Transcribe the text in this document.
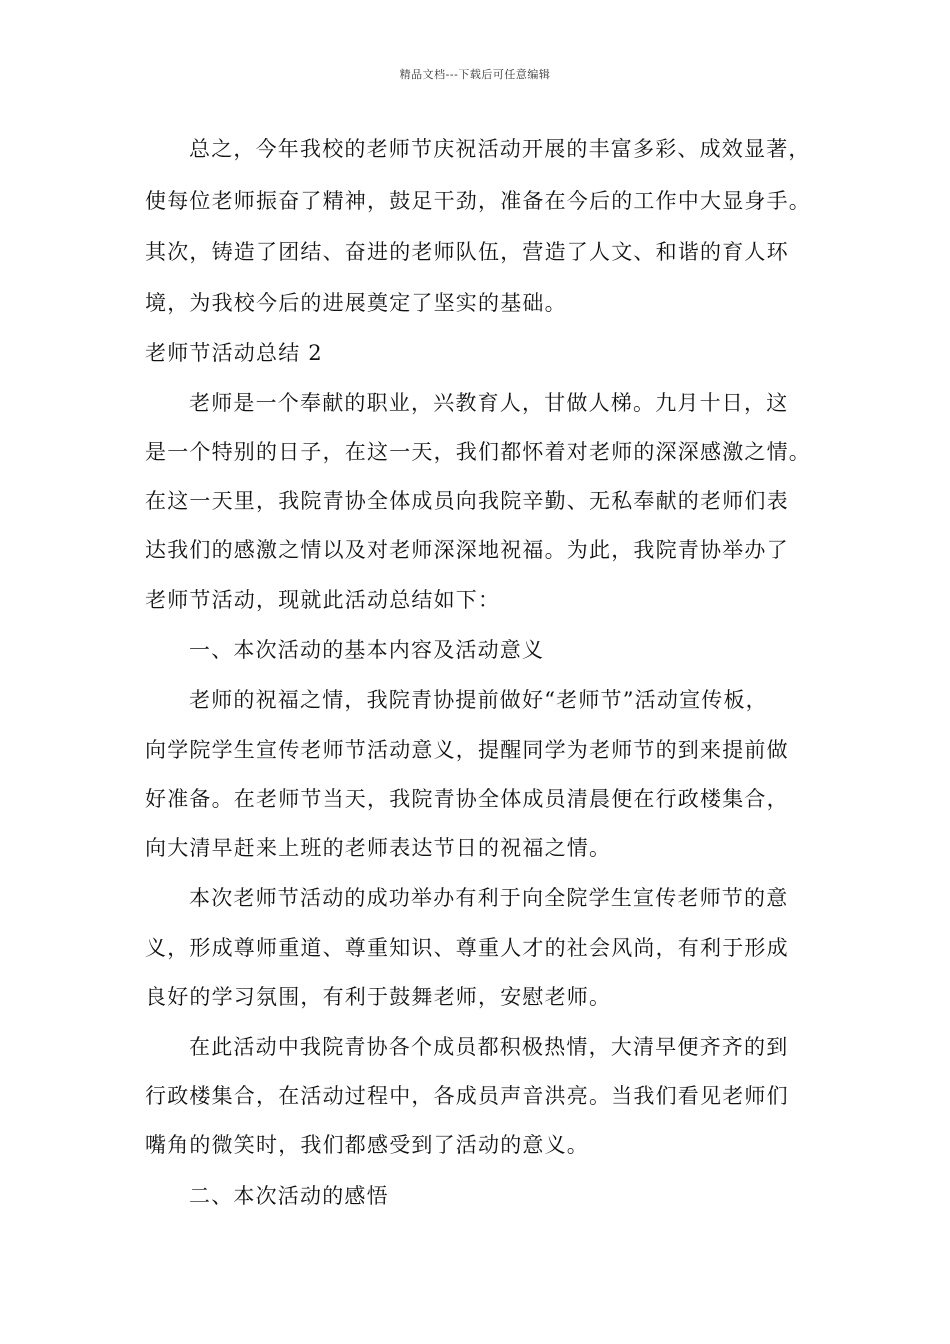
精品文档---下载后可任意编辑
总之，今年我校的老师节庆祝活动开展的丰富多彩、成效显著，
使每位老师振奋了精神，鼓足干劲，准备在今后的工作中大显身手。
其次，铸造了团结、奋进的老师队伍，营造了人文、和谐的育人环
境，为我校今后的进展奠定了坚实的基础。
老师节活动总结 2
老师是一个奉献的职业，兴教育人，甘做人梯。九月十日，这
是一个特别的日子，在这一天，我们都怀着对老师的深深感激之情。
在这一天里，我院青协全体成员向我院辛勤、无私奉献的老师们表
达我们的感激之情以及对老师深深地祝福。为此，我院青协举办了
老师节活动，现就此活动总结如下：
一、本次活动的基本内容及活动意义
老师的祝福之情，我院青协提前做好“老师节”活动宣传板，
向学院学生宣传老师节活动意义，提醒同学为老师节的到来提前做
好准备。在老师节当天，我院青协全体成员清晨便在行政楼集合，
向大清早赶来上班的老师表达节日的祝福之情。
本次老师节活动的成功举办有利于向全院学生宣传老师节的意
义，形成尊师重道、尊重知识、尊重人才的社会风尚，有利于形成
良好的学习氛围，有利于鼓舞老师，安慰老师。
在此活动中我院青协各个成员都积极热情，大清早便齐齐的到
行政楼集合，在活动过程中，各成员声音洪亮。当我们看见老师们
嘴角的微笑时，我们都感受到了活动的意义。
二、本次活动的感悟
